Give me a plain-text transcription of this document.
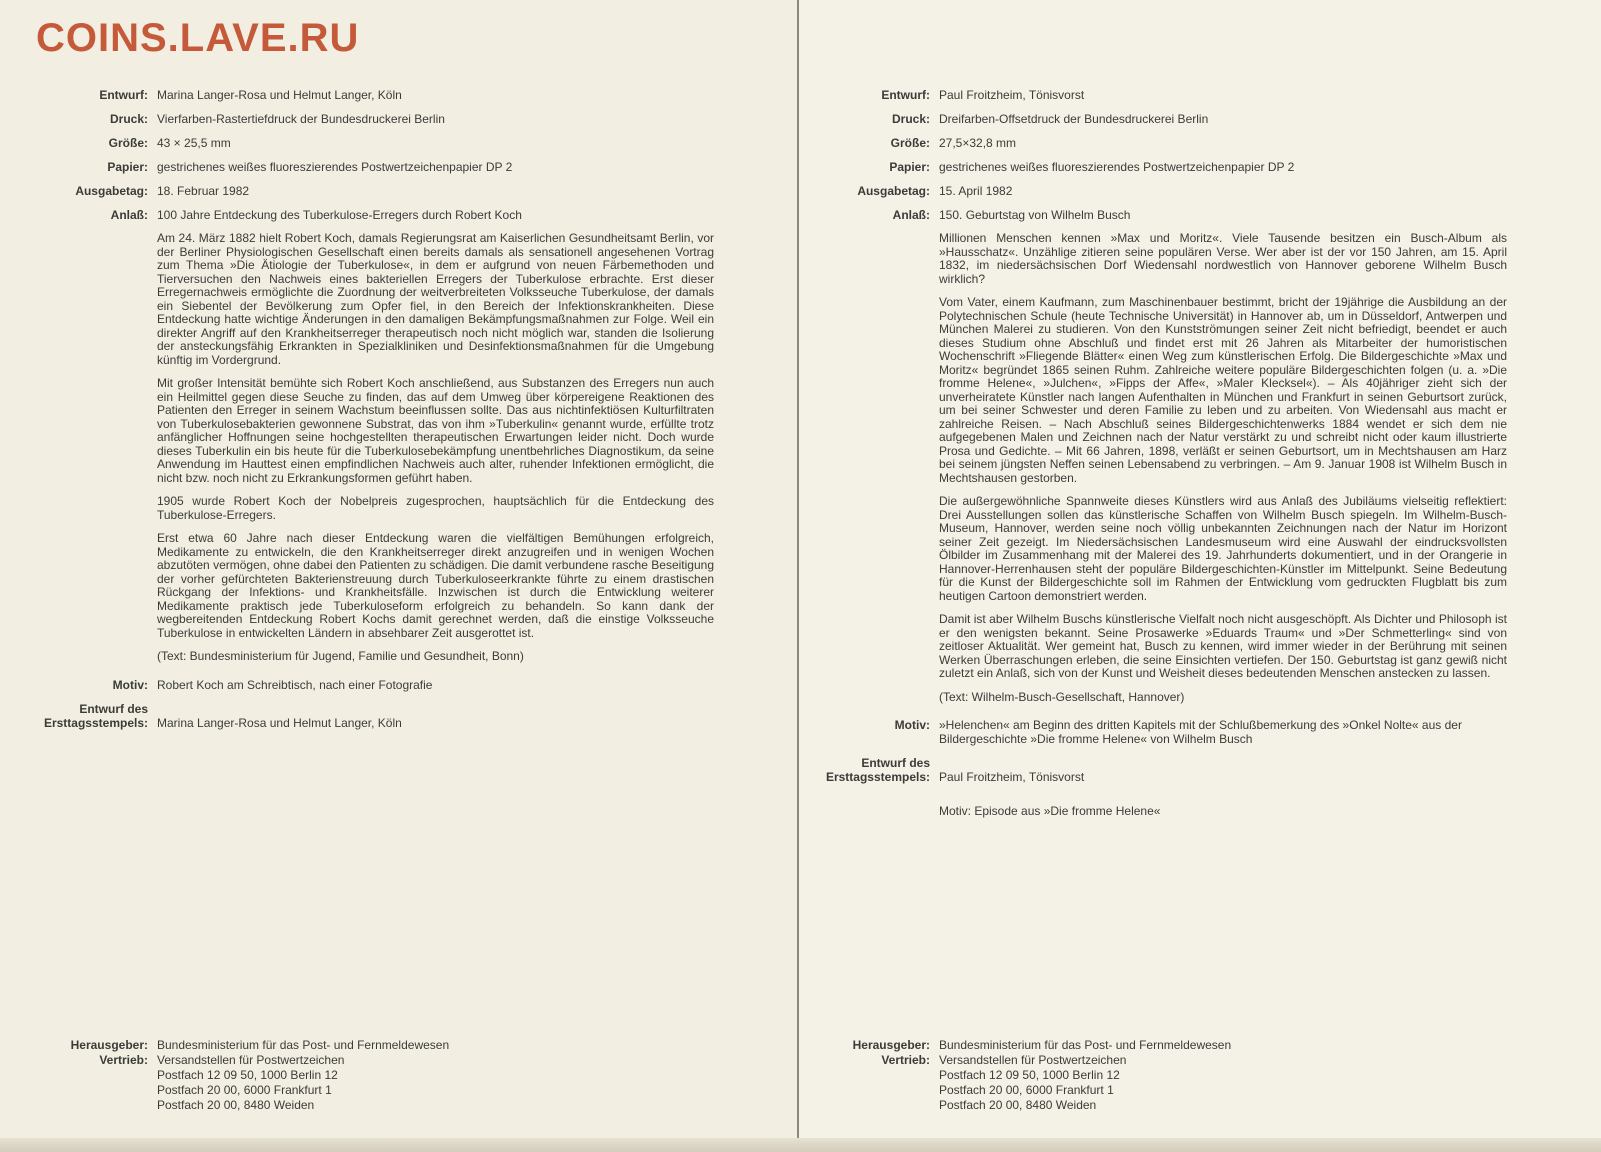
COINS.LAVE.RU
Entwurf: Marina Langer-Rosa und Helmut Langer, Köln
Druck: Vierfarben-Rastertiefdruck der Bundesdruckerei Berlin
Größe: 43 × 25,5 mm
Papier: gestrichenes weißes fluoreszierendes Postwertzeichenpapier DP 2
Ausgabetag: 18. Februar 1982
Anlaß: 100 Jahre Entdeckung des Tuberkulose-Erregers durch Robert Koch

Am 24. März 1882 hielt Robert Koch, damals Regierungsrat am Kaiserlichen Gesundheitsamt Berlin, vor der Berliner Physiologischen Gesellschaft einen bereits damals als sensationell angesehenen Vortrag zum Thema »Die Ätiologie der Tuberkulose«, in dem er aufgrund von neuen Färbemethoden und Tierversuchen den Nachweis eines bakteriellen Erregers der Tuberkulose erbrachte. Erst dieser Erregernachweis ermöglichte die Zuordnung der weitverbreiteten Volksseuche Tuberkulose, der damals ein Siebentel der Bevölkerung zum Opfer fiel, in den Bereich der Infektionskrankheiten. Diese Entdeckung hatte wichtige Änderungen in den damaligen Bekämpfungsmaßnahmen zur Folge. Weil ein direkter Angriff auf den Krankheitserreger therapeutisch noch nicht möglich war, standen die Isolierung der ansteckungsfähig Erkrankten in Spezialkliniken und Desinfektionsmaßnahmen für die Umgebung künftig im Vordergrund.

Mit großer Intensität bemühte sich Robert Koch anschließend, aus Substanzen des Erregers nun auch ein Heilmittel gegen diese Seuche zu finden, das auf dem Umweg über körpereigene Reaktionen des Patienten den Erreger in seinem Wachstum beeinflussen sollte. Das aus nichtinfektiösen Kulturfiltraten von Tuberkulosebakterien gewonnene Substrat, das von ihm »Tuberkulin« genannt wurde, erfüllte trotz anfänglicher Hoffnungen seine hochgestellten therapeutischen Erwartungen leider nicht. Doch wurde dieses Tuberkulin ein bis heute für die Tuberkulosebekämpfung unentbehrliches Diagnostikum, da seine Anwendung im Hauttest einen empfindlichen Nachweis auch alter, ruhender Infektionen ermöglicht, die nicht bzw. noch nicht zu Erkrankungsformen geführt haben.

1905 wurde Robert Koch der Nobelpreis zugesprochen, hauptsächlich für die Entdeckung des Tuberkulose-Erregers.

Erst etwa 60 Jahre nach dieser Entdeckung waren die vielfältigen Bemühungen erfolgreich, Medikamente zu entwickeln, die den Krankheitserreger direkt anzugreifen und in wenigen Wochen abzutöten vermögen, ohne dabei den Patienten zu schädigen. Die damit verbundene rasche Beseitigung der vorher gefürchteten Bakterienstreuung durch Tuberkuloseerkrankte führte zu einem drastischen Rückgang der Infektions- und Krankheitsfälle. Inzwischen ist durch die Entwicklung weiterer Medikamente praktisch jede Tuberkuloseform erfolgreich zu behandeln. So kann dank der wegbereitenden Entdeckung Robert Kochs damit gerechnet werden, daß die einstige Volksseuche Tuberkulose in entwickelten Ländern in absehbarer Zeit ausgerottet ist.

(Text: Bundesministerium für Jugend, Familie und Gesundheit, Bonn)

Motiv: Robert Koch am Schreibtisch, nach einer Fotografie
Entwurf des
Ersttagsstempels: Marina Langer-Rosa und Helmut Langer, Köln
Herausgeber: Bundesministerium für das Post- und Fernmeldewesen
Vertrieb: Versandstellen für Postwertzeichen
Postfach 12 09 50, 1000 Berlin 12
Postfach 20 00, 6000 Frankfurt 1
Postfach 20 00, 8480 Weiden
Entwurf: Paul Froitzheim, Tönisvorst
Druck: Dreifarben-Offsetdruck der Bundesdruckerei Berlin
Größe: 27,5×32,8 mm
Papier: gestrichenes weißes fluoreszierendes Postwertzeichenpapier DP 2
Ausgabetag: 15. April 1982
Anlaß: 150. Geburtstag von Wilhelm Busch

Millionen Menschen kennen »Max und Moritz«. Viele Tausende besitzen ein Busch-Album als »Hausschatz«. Unzählige zitieren seine populären Verse. Wer aber ist der vor 150 Jahren, am 15. April 1832, im niedersächsischen Dorf Wiedensahl nordwestlich von Hannover geborene Wilhelm Busch wirklich?

Vom Vater, einem Kaufmann, zum Maschinenbauer bestimmt, bricht der 19jährige die Ausbildung an der Polytechnischen Schule (heute Technische Universität) in Hannover ab, um in Düsseldorf, Antwerpen und München Malerei zu studieren. Von den Kunstströmungen seiner Zeit nicht befriedigt, beendet er auch dieses Studium ohne Abschluß und findet erst mit 26 Jahren als Mitarbeiter der humoristischen Wochenschrift »Fliegende Blätter« einen Weg zum künstlerischen Erfolg. Die Bildergeschichte »Max und Moritz« begründet 1865 seinen Ruhm. Zahlreiche weitere populäre Bildergeschichten folgen (u. a. »Die fromme Helene«, »Julchen«, »Fipps der Affe«, »Maler Klecksel«). – Als 40jähriger zieht sich der unverheiratete Künstler nach langen Aufenthalten in München und Frankfurt in seinen Geburtsort zurück, um bei seiner Schwester und deren Familie zu leben und zu arbeiten. Von Wiedensahl aus macht er zahlreiche Reisen. – Nach Abschluß seines Bildergeschichtenwerks 1884 wendet er sich dem nie aufgegebenen Malen und Zeichnen nach der Natur verstärkt zu und schreibt nicht oder kaum illustrierte Prosa und Gedichte. – Mit 66 Jahren, 1898, verläßt er seinen Geburtsort, um in Mechtshausen am Harz bei seinem jüngsten Neffen seinen Lebensabend zu verbringen. – Am 9. Januar 1908 ist Wilhelm Busch in Mechtshausen gestorben.

Die außergewöhnliche Spannweite dieses Künstlers wird aus Anlaß des Jubiläums vielseitig reflektiert: Drei Ausstellungen sollen das künstlerische Schaffen von Wilhelm Busch spiegeln. Im Wilhelm-Busch-Museum, Hannover, werden seine noch völlig unbekannten Zeichnungen nach der Natur im Horizont seiner Zeit gezeigt. Im Niedersächsischen Landesmuseum wird eine Auswahl der eindrucksvollsten Ölbilder im Zusammenhang mit der Malerei des 19. Jahrhunderts dokumentiert, und in der Orangerie in Hannover-Herrenhausen steht der populäre Bildergeschichten-Künstler im Mittelpunkt. Seine Bedeutung für die Kunst der Bildergeschichte soll im Rahmen der Entwicklung vom gedruckten Flugblatt bis zum heutigen Cartoon demonstriert werden.

Damit ist aber Wilhelm Buschs künstlerische Vielfalt noch nicht ausgeschöpft. Als Dichter und Philosoph ist er den wenigsten bekannt. Seine Prosawerke »Eduards Traum« und »Der Schmetterling« sind von zeitloser Aktualität. Wer gemeint hat, Busch zu kennen, wird immer wieder in der Berührung mit seinen Werken Überraschungen erleben, die seine Einsichten vertiefen. Der 150. Geburtstag ist ganz gewiß nicht zuletzt ein Anlaß, sich von der Kunst und Weisheit dieses bedeutenden Menschen anstecken zu lassen.

(Text: Wilhelm-Busch-Gesellschaft, Hannover)

Motiv: »Helenchen« am Beginn des dritten Kapitels mit der Schlußbemerkung des »Onkel Nolte« aus der Bildergeschichte »Die fromme Helene« von Wilhelm Busch
Entwurf des
Ersttagsstempels: Paul Froitzheim, Tönisvorst
Motiv: Episode aus »Die fromme Helene«
Herausgeber: Bundesministerium für das Post- und Fernmeldewesen
Vertrieb: Versandstellen für Postwertzeichen
Postfach 12 09 50, 1000 Berlin 12
Postfach 20 00, 6000 Frankfurt 1
Postfach 20 00, 8480 Weiden
